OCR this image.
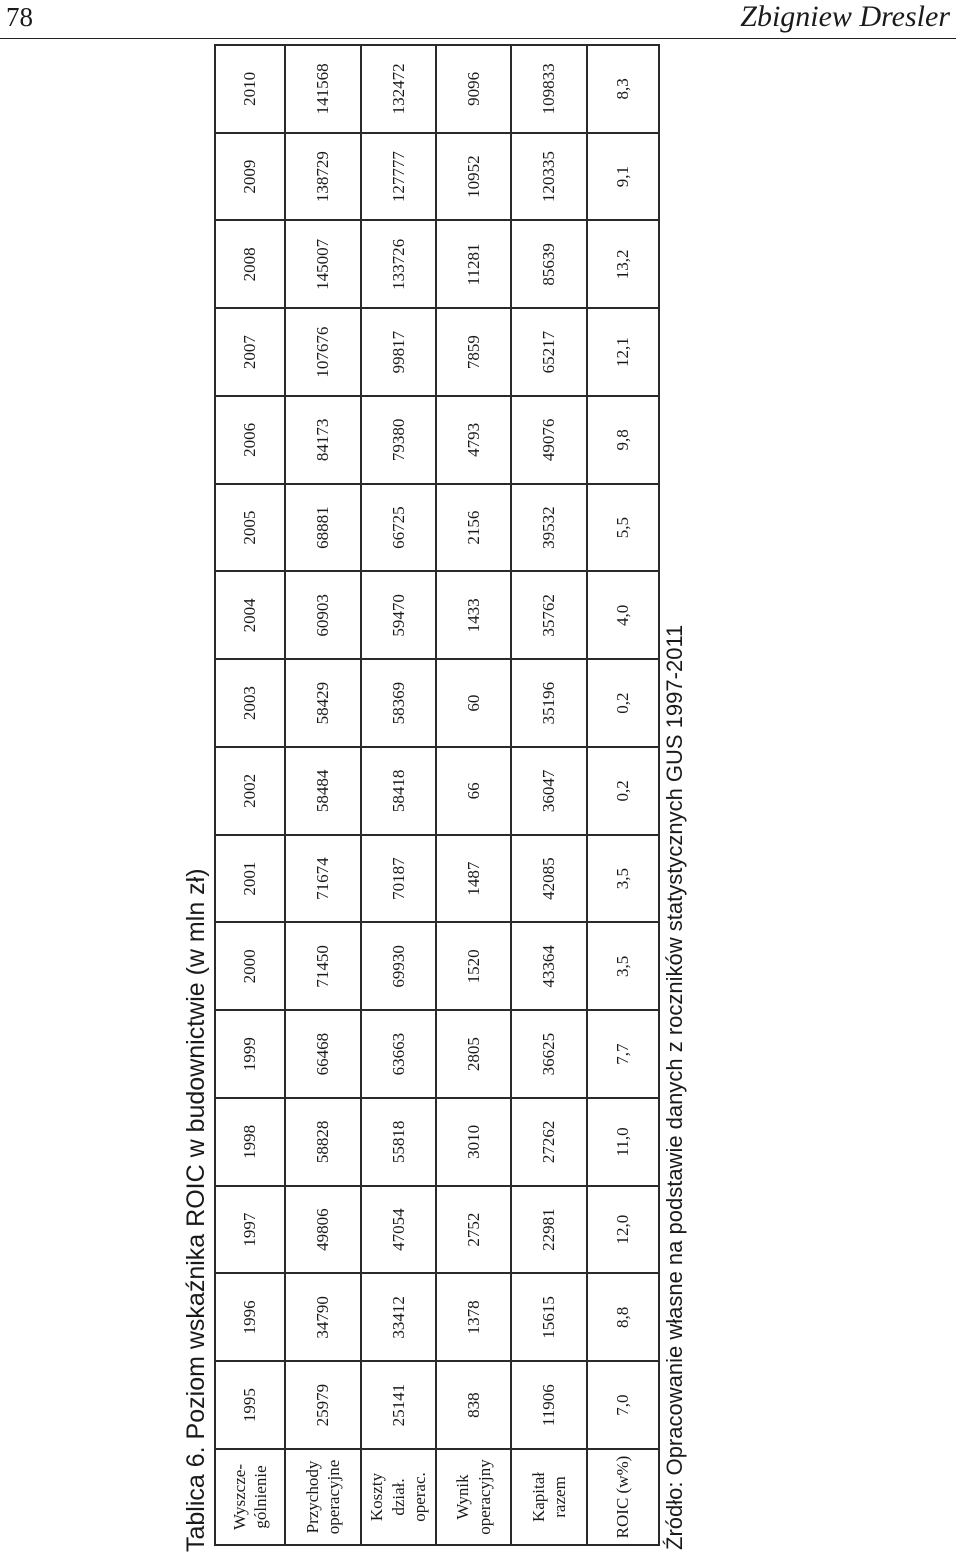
78	Zbigniew Dresler
Tablica 6. Poziom wskaźnika ROIC w budownictwie (w mln zł) Wyszcze- gólnienie	1995	1996	1997	1998	1999	2000	2001	2002	2003	2004	2005	2006	2007	2008	2009	2010
Przychody operacyjne	25979	34790	49806	58828	66468	71450	71674	58484	58429	60903	68881	84173	107676	145007	138729	141568
Koszty dział. operac.	25141	33412	47054	55818	63663	69930	70187	58418	58369	59470	66725	79380	99817	133726	127777	132472
Wynik operacyjny	838	1378	2752	3010	2805	1520	1487	66	60	1433	2156	4793	7859	11281	10952	9096
Kapitał razem	11906	15615	22981	27262	36625	43364	42085	36047	35196	35762	39532	49076	65217	85639	120335	109833
ROIC (w%)	7,0	8,8	12,0	11,0	7,7	3,5	3,5	0,2	0,2	4,0	5,5	9,8	12,1	13,2	9,1	8,3
Źródło: Opracowanie własne na podstawie danych z roczników statystycznych GUS 1997-2011
